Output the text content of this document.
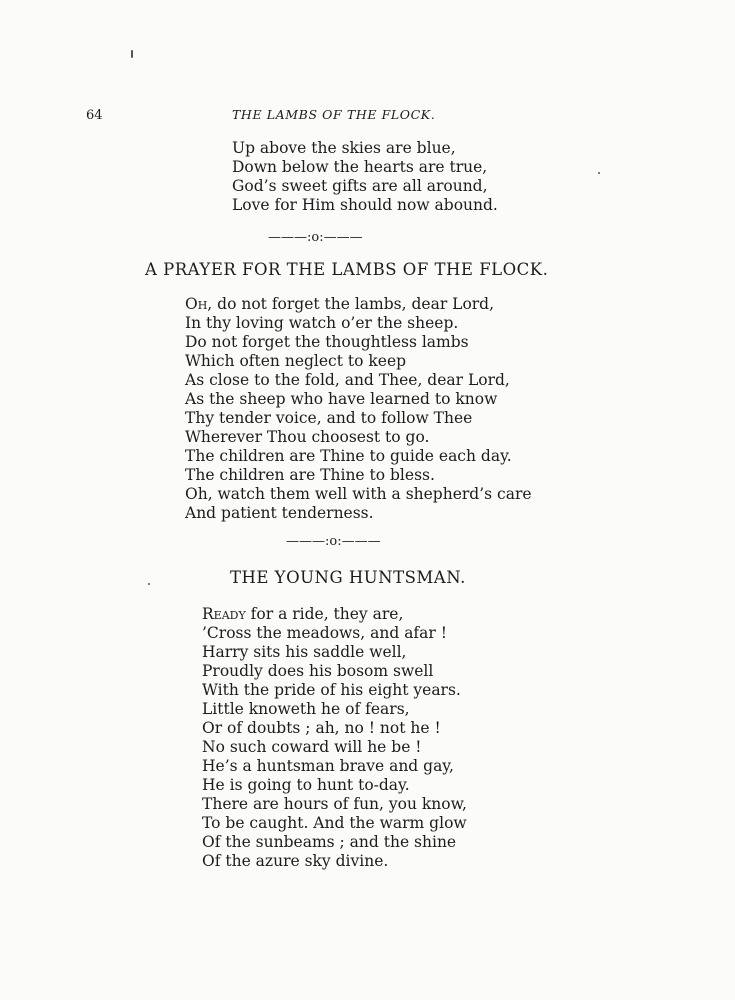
64	THE LAMBS OF THE FLOCK.
Up above the skies are blue,
Down below the hearts are true,
God’s sweet gifts are all around,
Love for Him should now abound.
———:o:———
A PRAYER FOR THE LAMBS OF THE FLOCK.
Oh, do not forget the lambs, dear Lord,
In thy loving watch o’er the sheep.
Do not forget the thoughtless lambs
Which often neglect to keep
As close to the fold, and Thee, dear Lord,
As the sheep who have learned to know
Thy tender voice, and to follow Thee
Wherever Thou choosest to go.
The children are Thine to guide each day.
The children are Thine to bless.
Oh, watch them well with a shepherd’s care
And patient tenderness.
———:o:———
THE YOUNG HUNTSMAN.
Ready for a ride, they are,
’Cross the meadows, and afar !
Harry sits his saddle well,
Proudly does his bosom swell
With the pride of his eight years.
Little knoweth he of fears,
Or of doubts ; ah, no ! not he !
No such coward will he be !
He’s a huntsman brave and gay,
He is going to hunt to-day.
There are hours of fun, you know,
To be caught. And the warm glow
Of the sunbeams ; and the shine
Of the azure sky divine.
